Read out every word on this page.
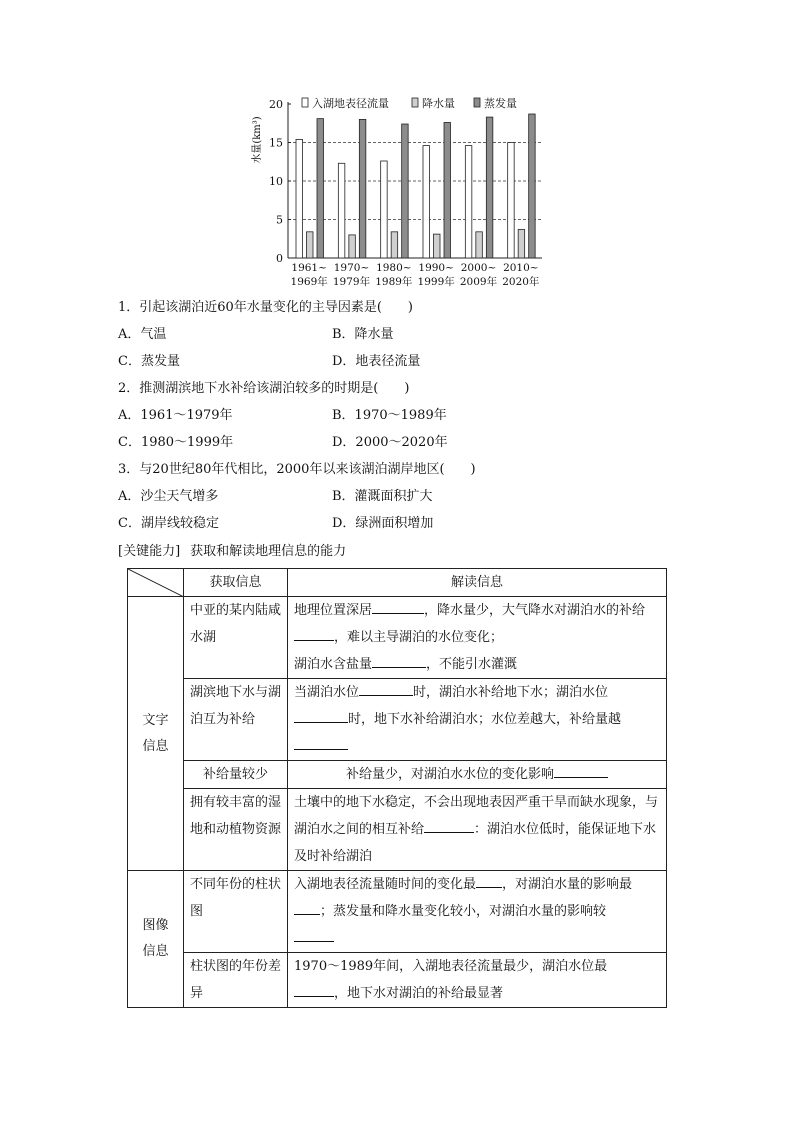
0
5
10
15
20
水量(km³)
1961~
1969年
1970~
1979年
1980~
1989年
1990~
1999年
2000~
2009年
2010~
2020年
入湖地表径流量	降水量	蒸发量
1．引起该湖泊近60年水量变化的主导因素是(　　)
A．气温	B．降水量
C．蒸发量	D．地表径流量
2．推测湖滨地下水补给该湖泊较多的时期是(　　)
A．1961～1979年	B．1970～1989年
C．1980～1999年	D．2000～2020年
3．与20世纪80年代相比，2000年以来该湖泊湖岸地区(　　)
A．沙尘天气增多	B．灌溉面积扩大
C．湖岸线较稳定	D．绿洲面积增加
[关键能力] 获取和解读地理信息的能力
	获取信息	解读信息

文字信息	中亚的某内陆咸水湖	地理位置深居 ，降水量少，大气降水对湖泊水的补给，难以主导湖泊的水位变化；
湖泊水含盐量 ，不能引水灌溉
	湖滨地下水与湖泊互为补给	当湖泊水位 时，湖泊水补给地下水；湖泊水位
时，地下水补给湖泊水；水位差越大，补给量越

	补给量较少	补给量少，对湖泊水水位的变化影响
	拥有较丰富的湿地和动植物资源	土壤中的地下水稳定，不会出现地表因严重干旱而缺水现象，与湖泊水之间的相互补给 ：湖泊水位低时，能保证地下水及时补给湖泊

图像信息	不同年份的柱状图	入湖地表径流量随时间的变化最 ，对湖泊水量的影响最
；蒸发量和降水量变化较小，对湖泊水量的影响较

	柱状图的年份差异	1970～1989年间，入湖地表径流量最少，湖泊水位最
，地下水对湖泊的补给最显著
